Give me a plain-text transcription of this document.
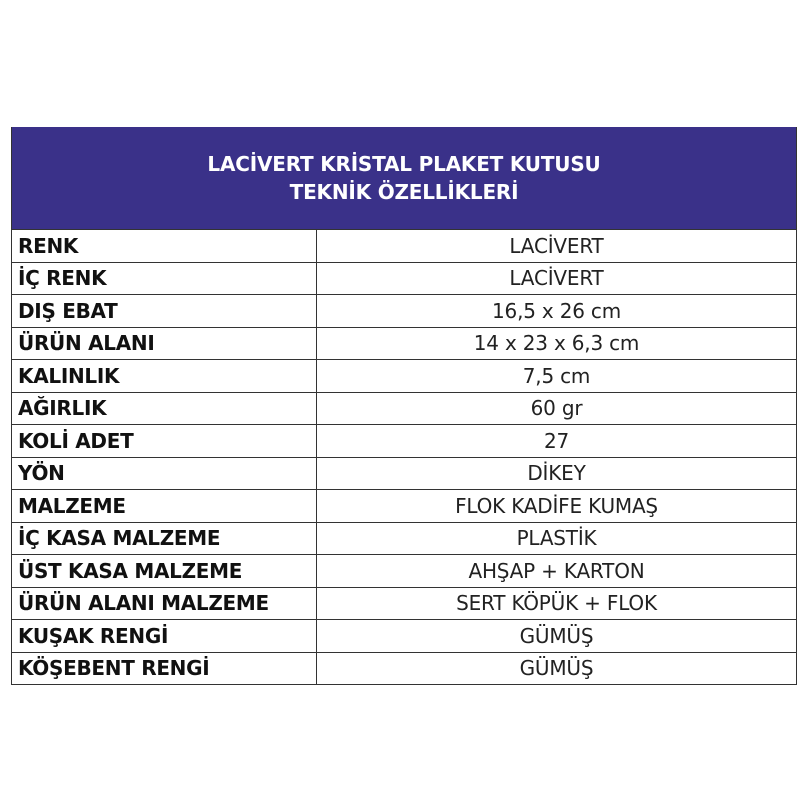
LACİVERT KRİSTAL PLAKET KUTUSU
TEKNİK ÖZELLİKLERİ
RENK	LACİVERT
İÇ RENK	LACİVERT
DIŞ EBAT	16,5 x 26 cm
ÜRÜN ALANI	14 x 23 x 6,3 cm
KALINLIK	7,5 cm
AĞIRLIK	60 gr
KOLİ ADET	27
YÖN	DİKEY
MALZEME	FLOK KADİFE KUMAŞ
İÇ KASA MALZEME	PLASTİK
ÜST KASA MALZEME	AHŞAP + KARTON
ÜRÜN ALANI MALZEME	SERT KÖPÜK + FLOK
KUŞAK RENGİ	GÜMÜŞ
KÖŞEBENT RENGİ	GÜMÜŞ
